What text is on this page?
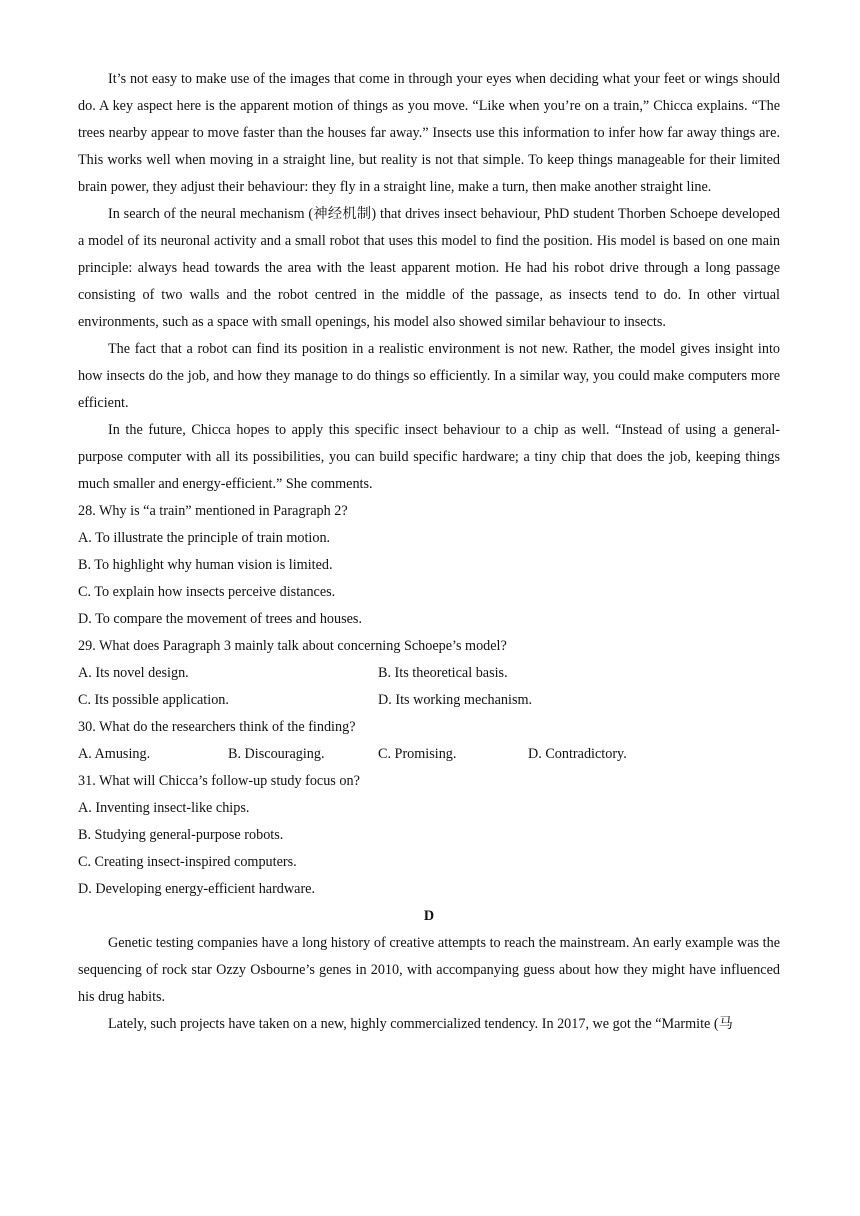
It’s not easy to make use of the images that come in through your eyes when deciding what your feet or wings should do. A key aspect here is the apparent motion of things as you move. “Like when you’re on a train,” Chicca explains. “The trees nearby appear to move faster than the houses far away.” Insects use this information to infer how far away things are. This works well when moving in a straight line, but reality is not that simple. To keep things manageable for their limited brain power, they adjust their behaviour: they fly in a straight line, make a turn, then make another straight line.

In search of the neural mechanism (神经机制) that drives insect behaviour, PhD student Thorben Schoepe developed a model of its neuronal activity and a small robot that uses this model to find the position. His model is based on one main principle: always head towards the area with the least apparent motion. He had his robot drive through a long passage consisting of two walls and the robot centred in the middle of the passage, as insects tend to do. In other virtual environments, such as a space with small openings, his model also showed similar behaviour to insects.

The fact that a robot can find its position in a realistic environment is not new. Rather, the model gives insight into how insects do the job, and how they manage to do things so efficiently. In a similar way, you could make computers more efficient.

In the future, Chicca hopes to apply this specific insect behaviour to a chip as well. “Instead of using a general-purpose computer with all its possibilities, you can build specific hardware; a tiny chip that does the job, keeping things much smaller and energy-efficient.” She comments.

28. Why is “a train” mentioned in Paragraph 2?

A. To illustrate the principle of train motion.

B. To highlight why human vision is limited.

C. To explain how insects perceive distances.

D. To compare the movement of trees and houses.

29. What does Paragraph 3 mainly talk about concerning Schoepe’s model?

A. Its novel design.	B. Its theoretical basis.
C. Its possible application.	D. Its working mechanism.

30. What do the researchers think of the finding?

A. Amusing.	B. Discouraging.	C. Promising.	D. Contradictory.

31. What will Chicca’s follow-up study focus on?

A. Inventing insect-like chips.

B. Studying general-purpose robots.

C. Creating insect-inspired computers.

D. Developing energy-efficient hardware.

D

Genetic testing companies have a long history of creative attempts to reach the mainstream. An early example was the sequencing of rock star Ozzy Osbourne’s genes in 2010, with accompanying guess about how they might have influenced his drug habits.

Lately, such projects have taken on a new, highly commercialized tendency. In 2017, we got the “Marmite (马
